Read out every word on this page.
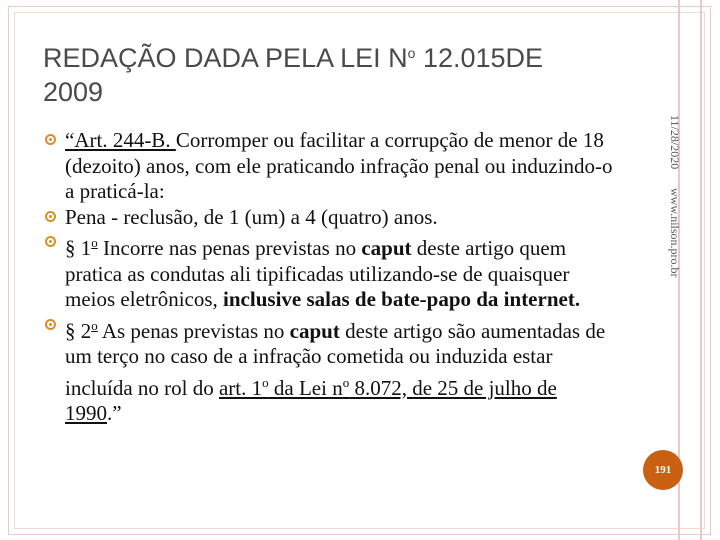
REDAÇÃO DADA PELA LEI $N^o$ 12.015DE
2009
11/28/2020
www.nilson.pro.br
“Art. 244-B. Corromper ou facilitar a corrupção de menor de 18 (dezoito) anos, com ele praticando infração penal ou induzindo-o a praticá-la:
Pena - reclusão, de 1 (um) a 4 (quatro) anos.
§ 1$^o$ Incorre nas penas previstas no caput deste artigo quem pratica as condutas ali tipificadas utilizando-se de quaisquer meios eletrônicos, inclusive salas de bate-papo da internet.
§ 2$^o$ As penas previstas no caput deste artigo são aumentadas de um terço no caso de a infração cometida ou induzida estar incluída no rol do art. 1$^o$ da Lei $n^o$ 8.072, de 25 de julho de 1990.”
191
